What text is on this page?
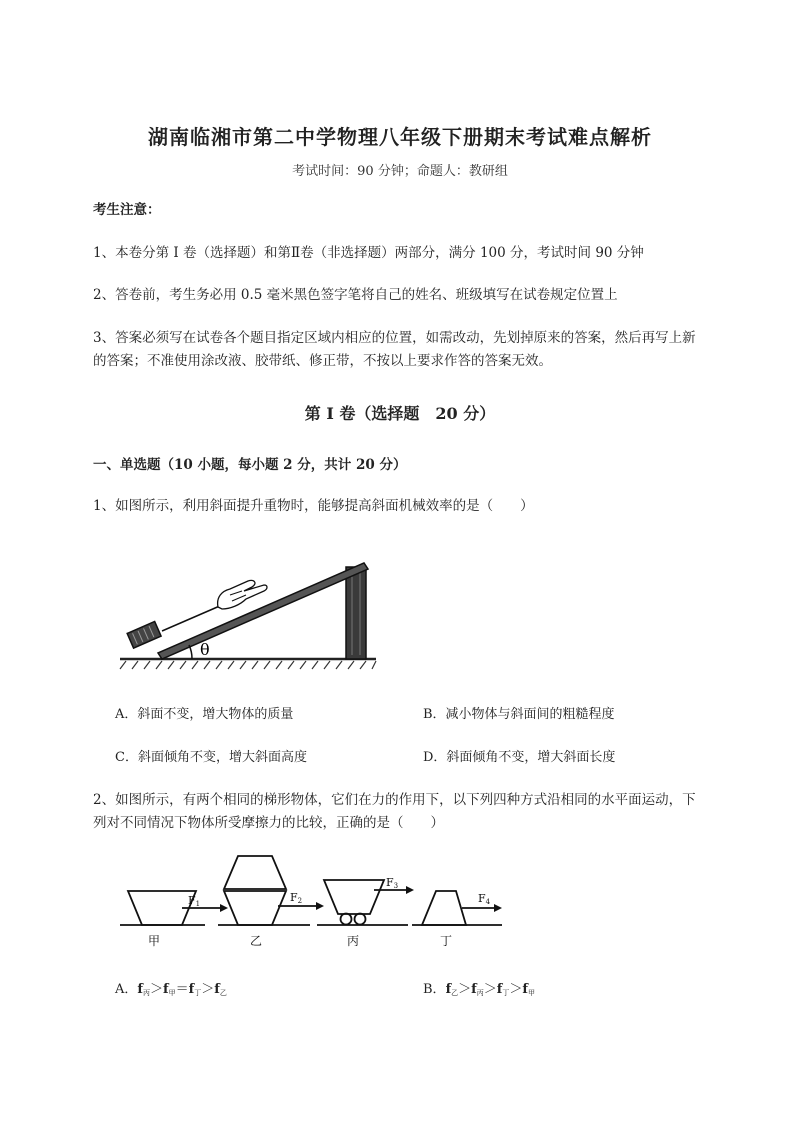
湖南临湘市第二中学物理八年级下册期末考试难点解析
考试时间：90 分钟；命题人：教研组
考生注意：
1、本卷分第 I 卷（选择题）和第Ⅱ卷（非选择题）两部分，满分 100 分，考试时间 90 分钟
2、答卷前，考生务必用 0.5 毫米黑色签字笔将自己的姓名、班级填写在试卷规定位置上
3、答案必须写在试卷各个题目指定区域内相应的位置，如需改动，先划掉原来的答案，然后再写上新
的答案；不准使用涂改液、胶带纸、修正带，不按以上要求作答的答案无效。
第 I 卷（选择题　20 分）
一、单选题（10 小题，每小题 2 分，共计 20 分）
1、如图所示，利用斜面提升重物时，能够提高斜面机械效率的是（　　）
θ
A．斜面不变，增大物体的质量	B．减小物体与斜面间的粗糙程度
C．斜面倾角不变，增大斜面高度	D．斜面倾角不变，增大斜面长度
2、如图所示，有两个相同的梯形物体，它们在力的作用下，以下列四种方式沿相同的水平面运动，下
列对不同情况下物体所受摩擦力的比较，正确的是（　　）
F1	F2
F3
F4
甲	乙	丙	丁
A．$f_丙>f_甲=f_丁>f_乙$	B．$f_乙>f_丙>f_丁>f_甲$
